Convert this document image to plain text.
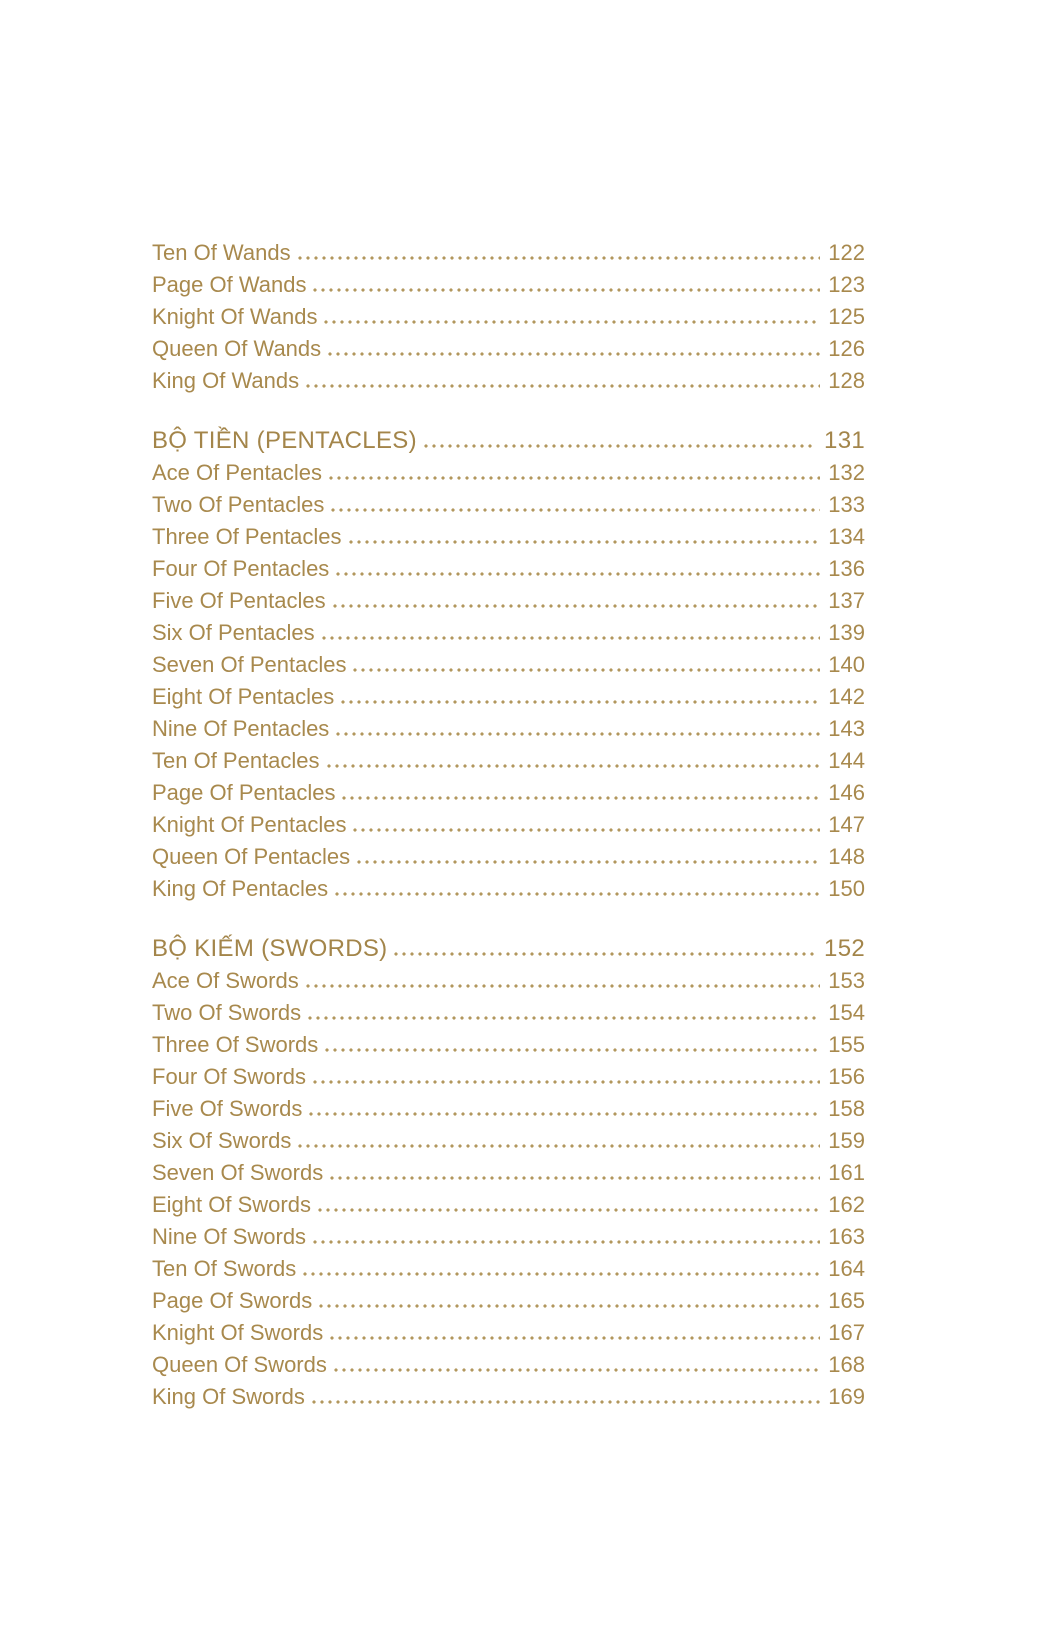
Ten Of Wands	122
Page Of Wands	123
Knight Of Wands	125
Queen Of Wands	126
King Of Wands	128
BỘ TIỀN (PENTACLES)	131
Ace Of Pentacles	132
Two Of Pentacles	133
Three Of Pentacles	134
Four Of Pentacles	136
Five Of Pentacles	137
Six Of Pentacles	139
Seven Of Pentacles	140
Eight Of Pentacles	142
Nine Of Pentacles	143
Ten Of Pentacles	144
Page Of Pentacles	146
Knight Of Pentacles	147
Queen Of Pentacles	148
King Of Pentacles	150
BỘ KIẾM (SWORDS)	152
Ace Of Swords	153
Two Of Swords	154
Three Of Swords	155
Four Of Swords	156
Five Of Swords	158
Six Of Swords	159
Seven Of Swords	161
Eight Of Swords	162
Nine Of Swords	163
Ten Of Swords	164
Page Of Swords	165
Knight Of Swords	167
Queen Of Swords	168
King Of Swords	169
